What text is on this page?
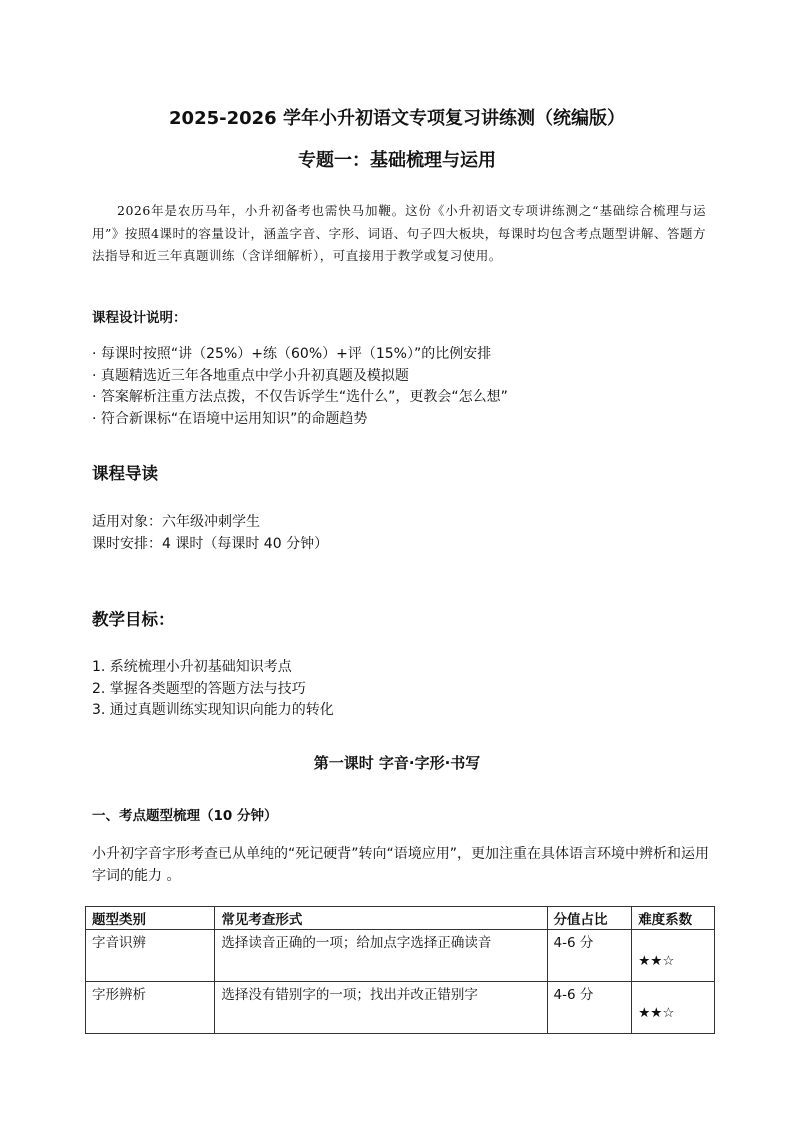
2025-2026 学年小升初语文专项复习讲练测（统编版）
专题一：基础梳理与运用
2026年是农历马年，小升初备考也需快马加鞭。这份《小升初语文专项讲练测之“基础综合梳理与运用”》按照4课时的容量设计，涵盖字音、字形、词语、句子四大板块，每课时均包含考点题型讲解、答题方法指导和近三年真题训练（含详细解析），可直接用于教学或复习使用。
课程设计说明：
· 每课时按照“讲（25%）+练（60%）+评（15%）”的比例安排
· 真题精选近三年各地重点中学小升初真题及模拟题
· 答案解析注重方法点拨，不仅告诉学生“选什么”，更教会“怎么想”
· 符合新课标“在语境中运用知识”的命题趋势
课程导读
适用对象：六年级冲刺学生
课时安排：4 课时（每课时 40 分钟）
教学目标：
1. 系统梳理小升初基础知识考点
2. 掌握各类题型的答题方法与技巧
3. 通过真题训练实现知识向能力的转化
第一课时 字音·字形·书写
一、考点题型梳理（10 分钟）
小升初字音字形考查已从单纯的“死记硬背”转向“语境应用”，更加注重在具体语言环境中辨析和运用字词的能力 。
题型类别	常见考查形式	分值占比	难度系数
字音识辨	选择读音正确的一项；给加点字选择正确读音	4-6 分	★★☆
字形辨析	选择没有错别字的一项；找出并改正错别字	4-6 分	★★☆
